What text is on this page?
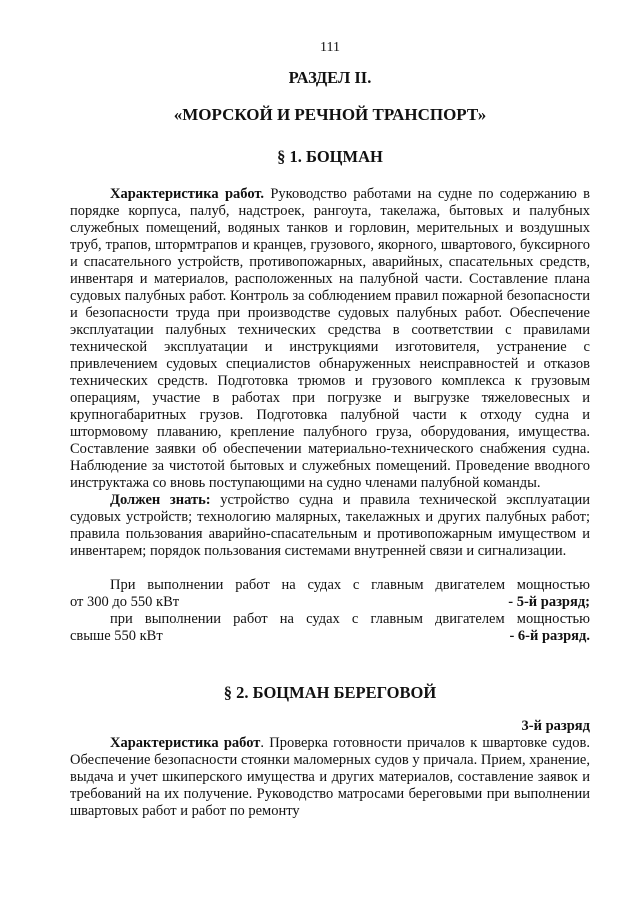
111
РАЗДЕЛ II.
«МОРСКОЙ И РЕЧНОЙ ТРАНСПОРТ»
§ 1. БОЦМАН

Характеристика работ. Руководство работами на судне по содержанию в порядке корпуса, палуб, надстроек, рангоута, такелажа, бытовых и палубных служебных помещений, водяных танков и горловин, мерительных и воздушных труб, трапов, штормтрапов и кранцев, грузового, якорного, швартового, буксирного и спасательного устройств, противопожарных, аварийных, спасательных средств, инвентаря и материалов, расположенных на палубной части. Составление плана судовых палубных работ. Контроль за соблюдением правил пожарной безопасности и безопасности труда при производстве судовых палубных работ. Обеспечение эксплуатации палубных технических средства в соответствии с правилами технической эксплуатации и инструкциями изготовителя, устранение с привлечением судовых специалистов обнаруженных неисправностей и отказов технических средств. Подготовка трюмов и грузового комплекса к грузовым операциям, участие в работах при погрузке и выгрузке тяжеловесных и крупногабаритных грузов. Подготовка палубной части к отходу судна и штормовому плаванию, крепление палубного груза, оборудования, имущества. Составление заявки об обеспечении материально-технического снабжения судна. Наблюдение за чистотой бытовых и служебных помещений. Проведение вводного инструктажа со вновь поступающими на судно членами палубной команды.

Должен знать: устройство судна и правила технической эксплуатации судовых устройств; технологию малярных, такелажных и других палубных работ; правила пользования аварийно-спасательным и противопожарным имуществом и инвентарем; порядок пользования системами внутренней связи и сигнализации.

При выполнении работ на судах с главным двигателем мощностью
от 300 до 550 кВт	- 5-й разряд;
при выполнении работ на судах с главным двигателем мощностью
свыше 550 кВт	- 6-й разряд.
§ 2. БОЦМАН БЕРЕГОВОЙ
3-й разряд

Характеристика работ. Проверка готовности причалов к швартовке судов. Обеспечение безопасности стоянки маломерных судов у причала. Прием, хранение, выдача и учет шкиперского имущества и других материалов, составление заявок и требований на их получение. Руководство матросами береговыми при выполнении швартовых работ и работ по ремонту
